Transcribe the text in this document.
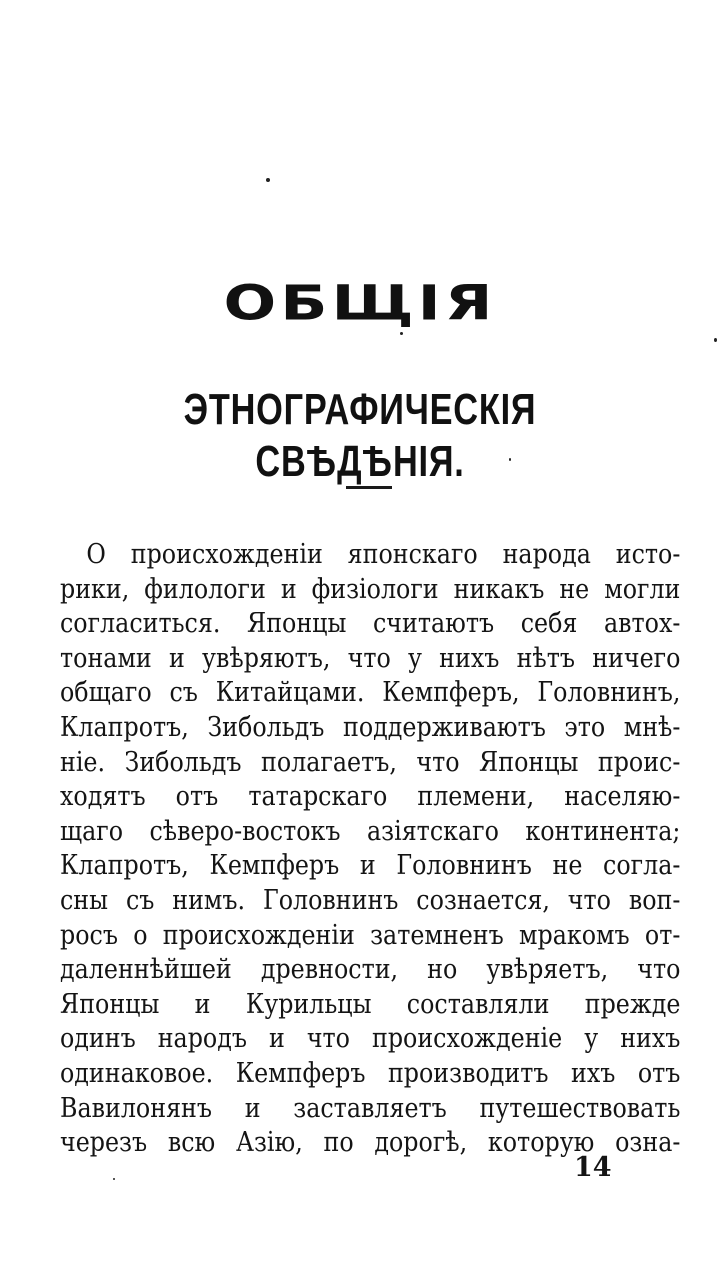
ОБЩІЯ
ЭТНОГРАФИЧЕСКІЯ СВѢДѢНІЯ.
О происхожденіи японскаго народа исто-
рики, филологи и физіологи никакъ не могли
согласиться. Японцы считаютъ себя автох-
тонами и увѣряютъ, что у нихъ нѣтъ ничего
общаго съ Китайцами. Кемпферъ, Головнинъ,
Клапротъ, Зибольдъ поддерживаютъ это мнѣ-
ніе. Зибольдъ полагаетъ, что Японцы проис-
ходятъ отъ татарскаго племени, населяю-
щаго сѣверо-востокъ азіятскаго континента;
Клапротъ, Кемпферъ и Головнинъ не согла-
сны съ нимъ. Головнинъ сознается, что воп-
росъ о происхожденіи затемненъ мракомъ от-
даленнѣйшей древности, но увѣряетъ, что
Японцы и Курильцы составляли прежде
одинъ народъ и что происхожденіе у нихъ
одинаковое. Кемпферъ производитъ ихъ отъ
Вавилонянъ и заставляетъ путешествовать
черезъ всю Азію, по дорогѣ, которую озна-
14
